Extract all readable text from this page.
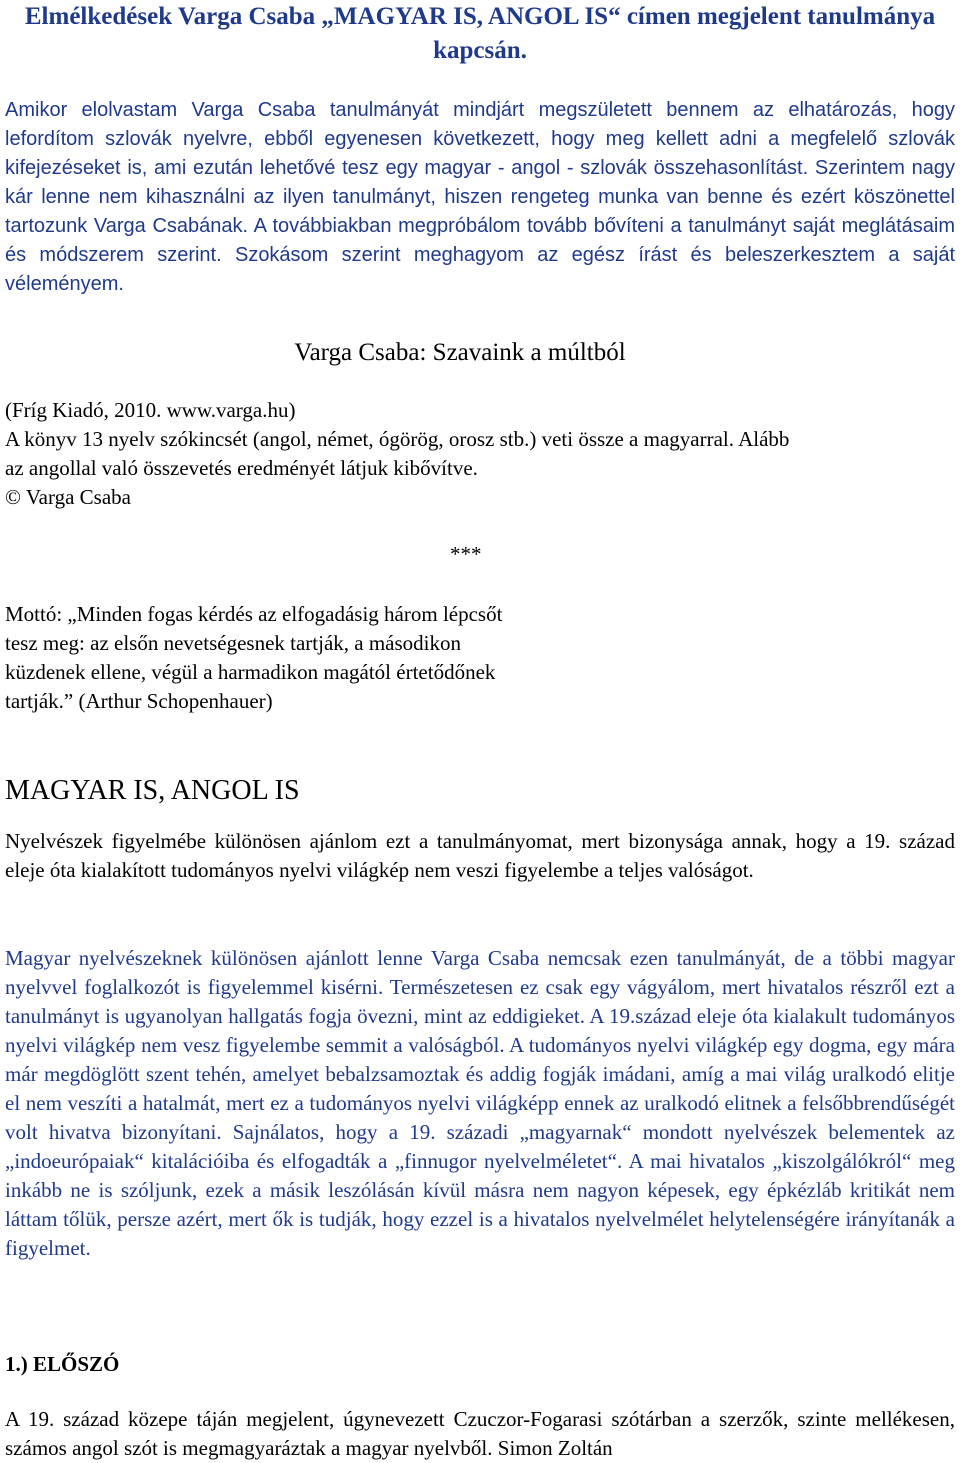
Elmélkedések Varga Csaba „MAGYAR IS, ANGOL IS“ címen megjelent tanulmánya kapcsán.
Amikor elolvastam Varga Csaba tanulmányát mindjárt megszületett bennem az elhatározás, hogy lefordítom szlovák nyelvre, ebből egyenesen következett, hogy meg kellett adni a megfelelő szlovák kifejezéseket is, ami ezután lehetővé tesz egy magyar - angol - szlovák összehasonlítást. Szerintem nagy kár lenne nem kihasználni az ilyen tanulmányt, hiszen rengeteg munka van benne és ezért köszönettel tartozunk Varga Csabának. A továbbiakban megpróbálom tovább bővíteni a tanulmányt saját meglátásaim és módszerem szerint. Szokásom szerint meghagyom az egész írást és beleszerkesztem a saját véleményem.
Varga Csaba: Szavaink a múltból
(Fríg Kiadó, 2010. www.varga.hu)
A könyv 13 nyelv szókincsét (angol, német, ógörög, orosz stb.) veti össze a magyarral. Alább
az angollal való összevetés eredményét látjuk kibővítve.
© Varga Csaba
***
Mottó: „Minden fogas kérdés az elfogadásig három lépcsőt tesz meg: az elsőn nevetségesnek tartják, a másodikon küzdenek ellene, végül a harmadikon magától értetődőnek tartják.” (Arthur Schopenhauer)
MAGYAR IS, ANGOL IS
Nyelvészek figyelmébe különösen ajánlom ezt a tanulmányomat, mert bizonysága annak, hogy a 19. század eleje óta kialakított tudományos nyelvi világkép nem veszi figyelembe a teljes valóságot.
Magyar nyelvészeknek különösen ajánlott lenne Varga Csaba nemcsak ezen tanulmányát, de a többi magyar nyelvvel foglalkozót is figyelemmel kisérni. Természetesen ez csak egy vágyálom, mert hivatalos részről ezt a tanulmányt is ugyanolyan hallgatás fogja övezni, mint az eddigieket. A 19.század eleje óta kialakult tudományos nyelvi világkép nem vesz figyelembe semmit a valóságból. A tudományos nyelvi világkép egy dogma, egy mára már megdöglött szent tehén, amelyet bebalzsamoztak és addig fogják imádani, amíg a mai világ uralkodó elitje el nem veszíti a hatalmát, mert ez a tudományos nyelvi világképp ennek az uralkodó elitnek a felsőbbrendűségét volt hivatva bizonyítani. Sajnálatos, hogy a 19. századi „magyarnak“ mondott nyelvészek belementek az „indoeurópaiak“ kitalációiba és elfogadták a „finnugor nyelvelméletet“. A mai hivatalos „kiszolgálókról“ meg inkább ne is szóljunk, ezek a másik leszólásán kívül másra nem nagyon képesek, egy épkézláb kritikát nem láttam tőlük, persze azért, mert ők is tudják, hogy ezzel is a hivatalos nyelvelmélet helytelenségére irányítanák a figyelmet.
1.) ELŐSZÓ
A 19. század közepe táján megjelent, úgynevezett Czuczor-Fogarasi szótárban a szerzők, szinte mellékesen, számos angol szót is megmagyaráztak a magyar nyelvből. Simon Zoltán
